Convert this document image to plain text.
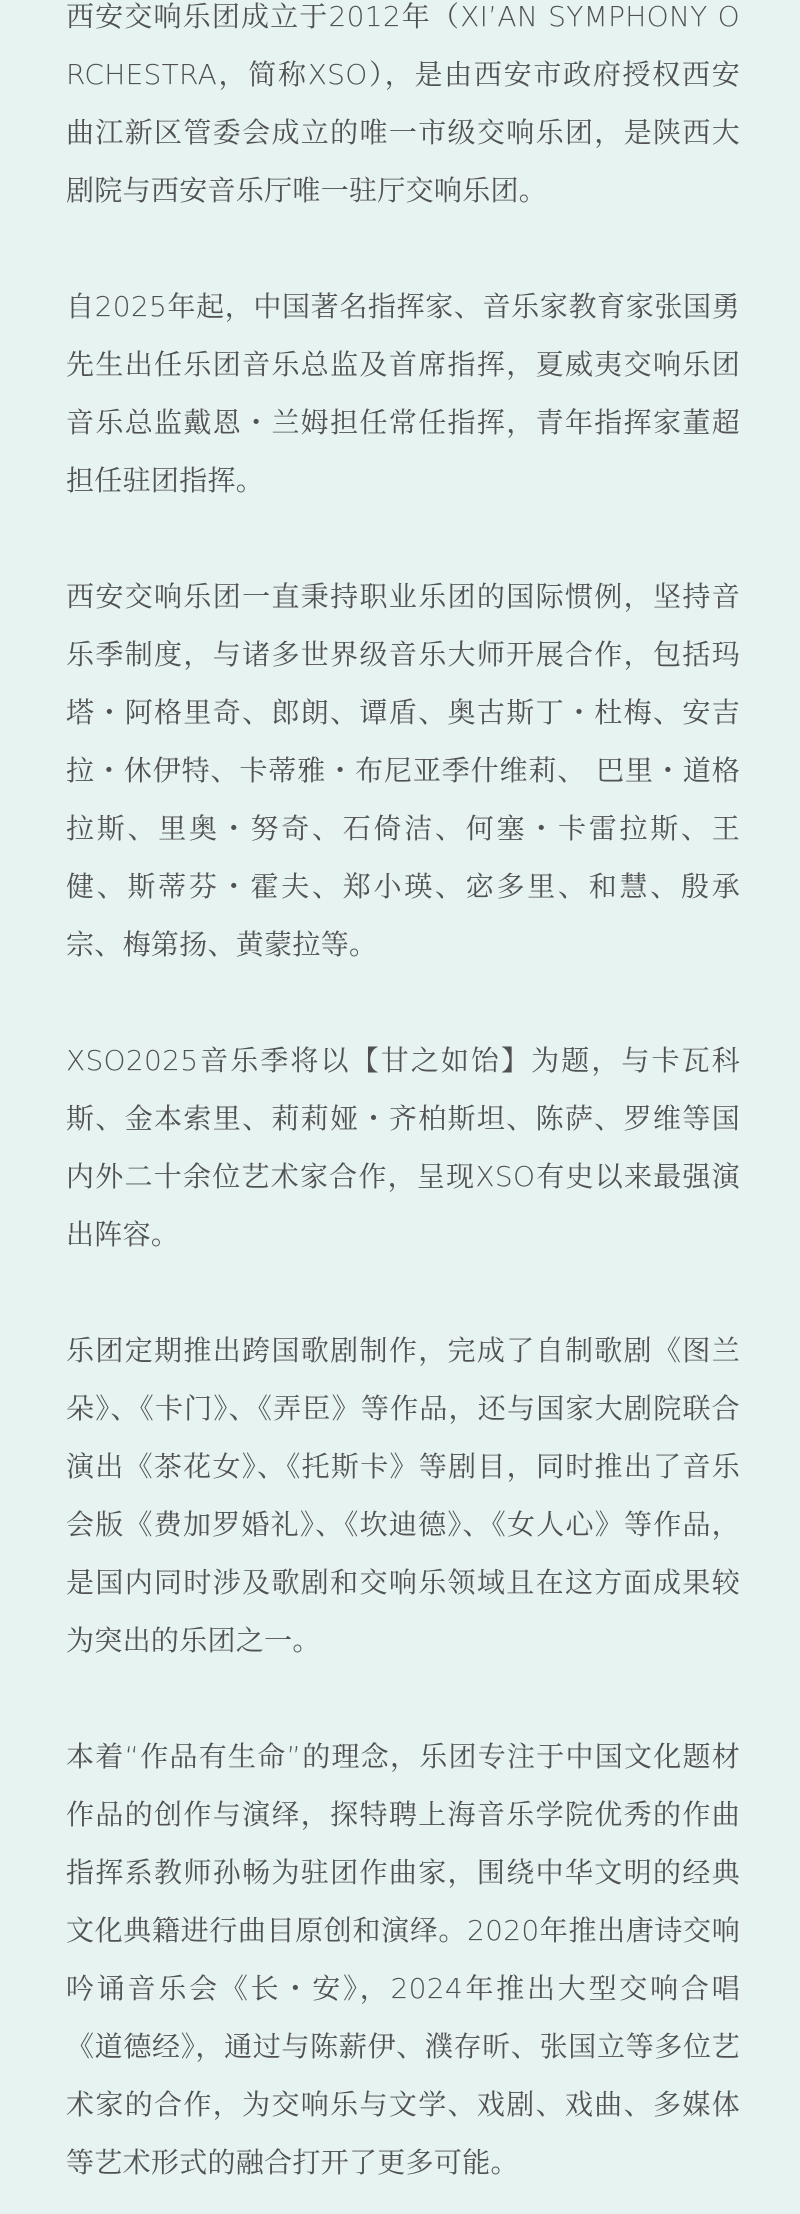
西安交响乐团成立于2012年（XI’AN SYMPHONY ORCHESTRA，简称XSO），是由西安市政府授权西安曲江新区管委会成立的唯一市级交响乐团，是陕西大剧院与西安音乐厅唯一驻厅交响乐团。

自2025年起，中国著名指挥家、音乐家教育家张国勇先生出任乐团音乐总监及首席指挥，夏威夷交响乐团音乐总监戴恩・兰姆担任常任指挥，青年指挥家董超担任驻团指挥。

西安交响乐团一直秉持职业乐团的国际惯例，坚持音乐季制度，与诸多世界级音乐大师开展合作，包括玛塔・阿格里奇、郎朗、谭盾、奥古斯丁・杜梅、安吉拉・休伊特、卡蒂雅・布尼亚季什维莉、 巴里・道格拉斯、里奥・努奇、石倚洁、何塞・卡雷拉斯、王健、斯蒂芬・霍夫、郑小瑛、宓多里、和慧、殷承宗、梅第扬、黄蒙拉等。

XSO2025音乐季将以【甘之如饴】为题，与卡瓦科斯、金本索里、莉莉娅・齐柏斯坦、陈萨、罗维等国内外二十余位艺术家合作，呈现XSO有史以来最强演出阵容。

乐团定期推出跨国歌剧制作，完成了自制歌剧《图兰朵》、《卡门》、《弄臣》等作品，还与国家大剧院联合演出《茶花女》、《托斯卡》等剧目，同时推出了音乐会版《费加罗婚礼》、《坎迪德》、《女人心》等作品，是国内同时涉及歌剧和交响乐领域且在这方面成果较为突出的乐团之一。

本着“作品有生命”的理念，乐团专注于中国文化题材作品的创作与演绎，探特聘上海音乐学院优秀的作曲指挥系教师孙畅为驻团作曲家，围绕中华文明的经典文化典籍进行曲目原创和演绎。2020年推出唐诗交响吟诵音乐会《长・安》，2024年推出大型交响合唱《道德经》，通过与陈薪伊、濮存昕、张国立等多位艺术家的合作，为交响乐与文学、戏剧、戏曲、多媒体等艺术形式的融合打开了更多可能。
